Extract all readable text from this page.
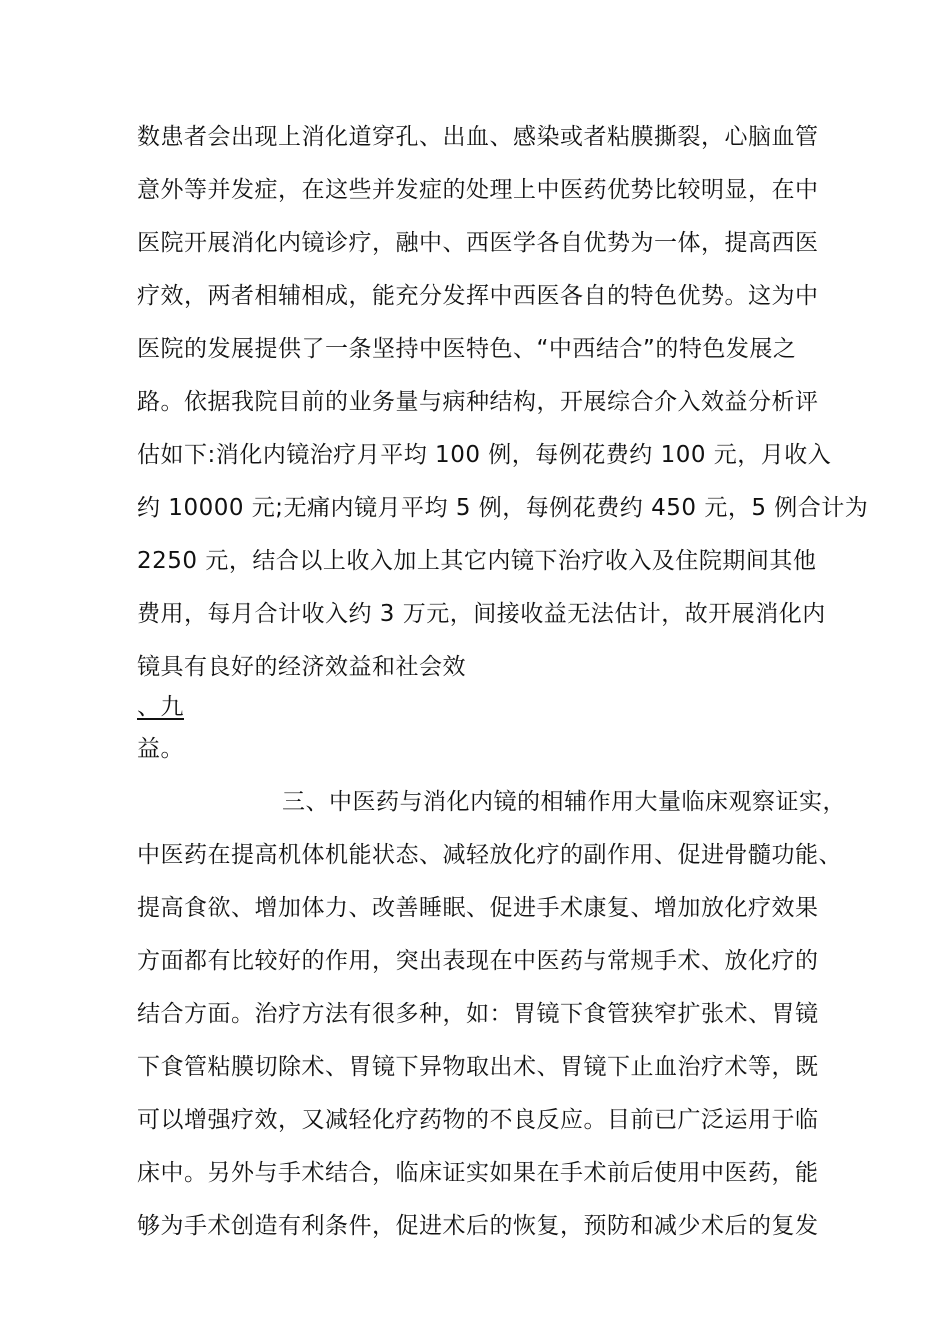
数患者会出现上消化道穿孔、出血、感染或者粘膜撕裂，心脑血管
意外等并发症，在这些并发症的处理上中医药优势比较明显，在中
医院开展消化内镜诊疗，融中、西医学各自优势为一体，提高西医
疗效，两者相辅相成，能充分发挥中西医各自的特色优势。这为中
医院的发展提供了一条坚持中医特色、“中西结合”的特色发展之
路。依据我院目前的业务量与病种结构，开展综合介入效益分析评
估如下:消化内镜治疗月平均 100 例，每例花费约 100 元，月收入
约 10000 元;无痛内镜月平均 5 例，每例花费约 450 元，5 例合计为
2250 元，结合以上收入加上其它内镜下治疗收入及住院期间其他
费用，每月合计收入约 3 万元，间接收益无法估计，故开展消化内
镜具有良好的经济效益和社会效
、九
益。
三、中医药与消化内镜的相辅作用大量临床观察证实，
中医药在提高机体机能状态、减轻放化疗的副作用、促进骨髓功能、
提高食欲、增加体力、改善睡眠、促进手术康复、增加放化疗效果
方面都有比较好的作用，突出表现在中医药与常规手术、放化疗的
结合方面。治疗方法有很多种，如：胃镜下食管狭窄扩张术、胃镜
下食管粘膜切除术、胃镜下异物取出术、胃镜下止血治疗术等，既
可以增强疗效，又减轻化疗药物的不良反应。目前已广泛运用于临
床中。另外与手术结合，临床证实如果在手术前后使用中医药，能
够为手术创造有利条件，促进术后的恢复，预防和减少术后的复发
